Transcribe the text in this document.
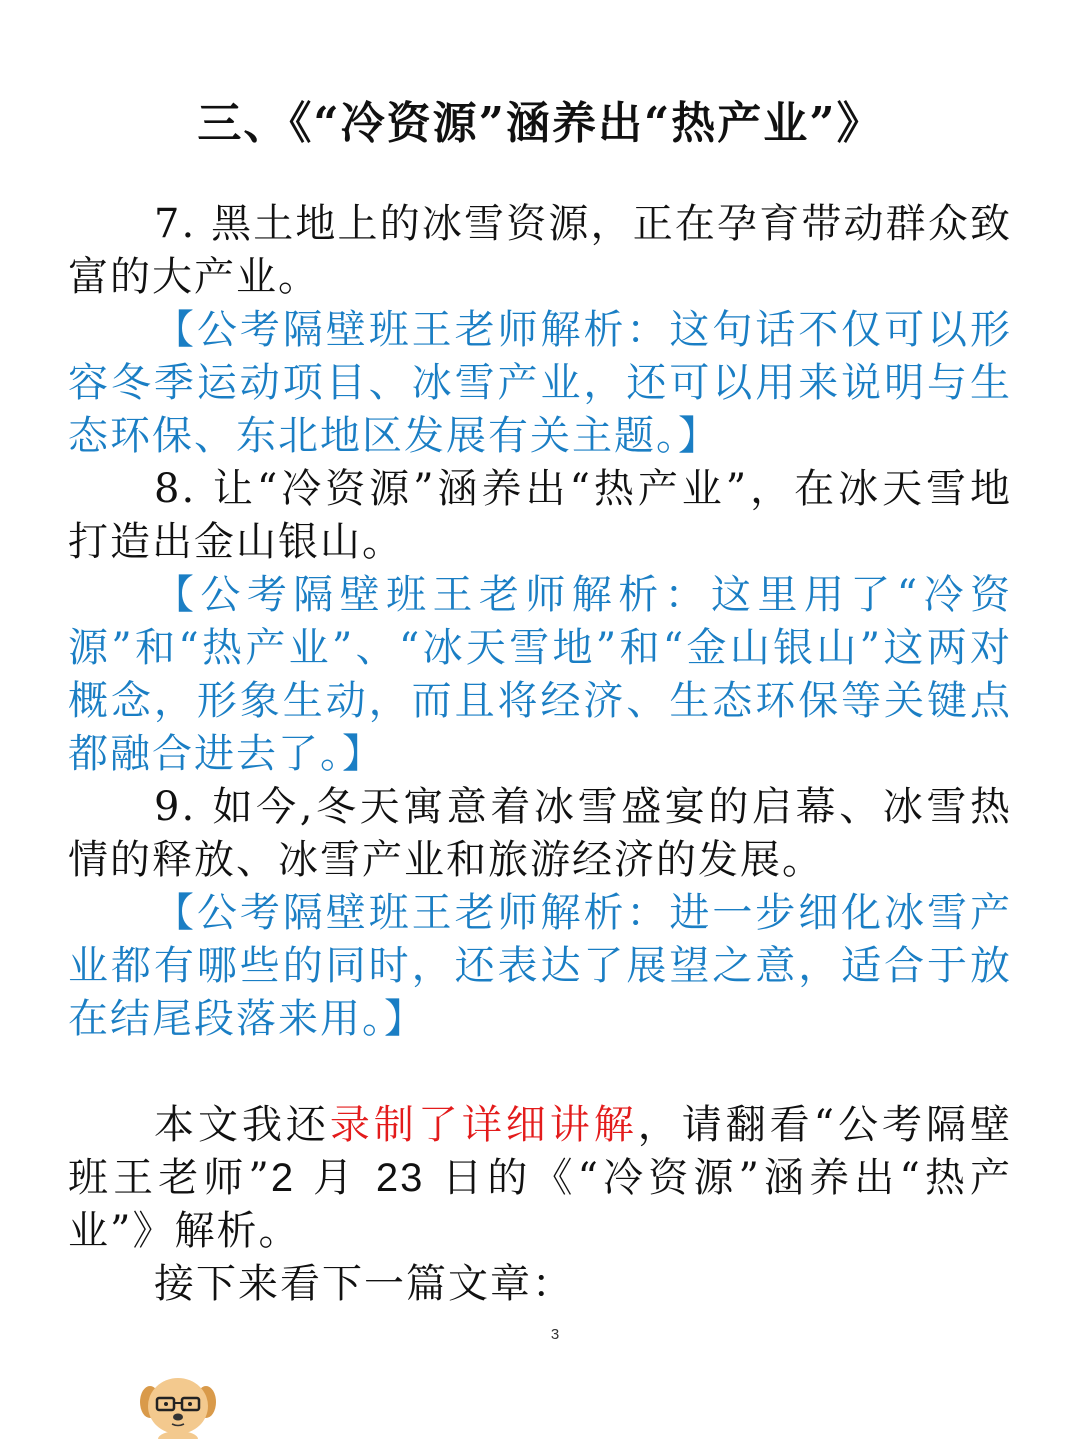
三、《“冷资源”涵养出“热产业”》

7. 黑土地上的冰雪资源，正在孕育带动群众致富的大产业。

【公考隔壁班王老师解析：这句话不仅可以形容冬季运动项目、冰雪产业，还可以用来说明与生态环保、东北地区发展有关主题。】

8. 让“冷资源”涵养出“热产业”，在冰天雪地打造出金山银山。

【公考隔壁班王老师解析：这里用了“冷资源”和“热产业”、“冰天雪地”和“金山银山”这两对概念，形象生动，而且将经济、生态环保等关键点都融合进去了。】

9. 如今,冬天寓意着冰雪盛宴的启幕、冰雪热情的释放、冰雪产业和旅游经济的发展。

【公考隔壁班王老师解析：进一步细化冰雪产业都有哪些的同时，还表达了展望之意，适合于放在结尾段落来用。】

本文我还录制了详细讲解，请翻看“公考隔壁班王老师”2 月 23 日的《“冷资源”涵养出“热产业”》解析。

接下来看下一篇文章：

3
